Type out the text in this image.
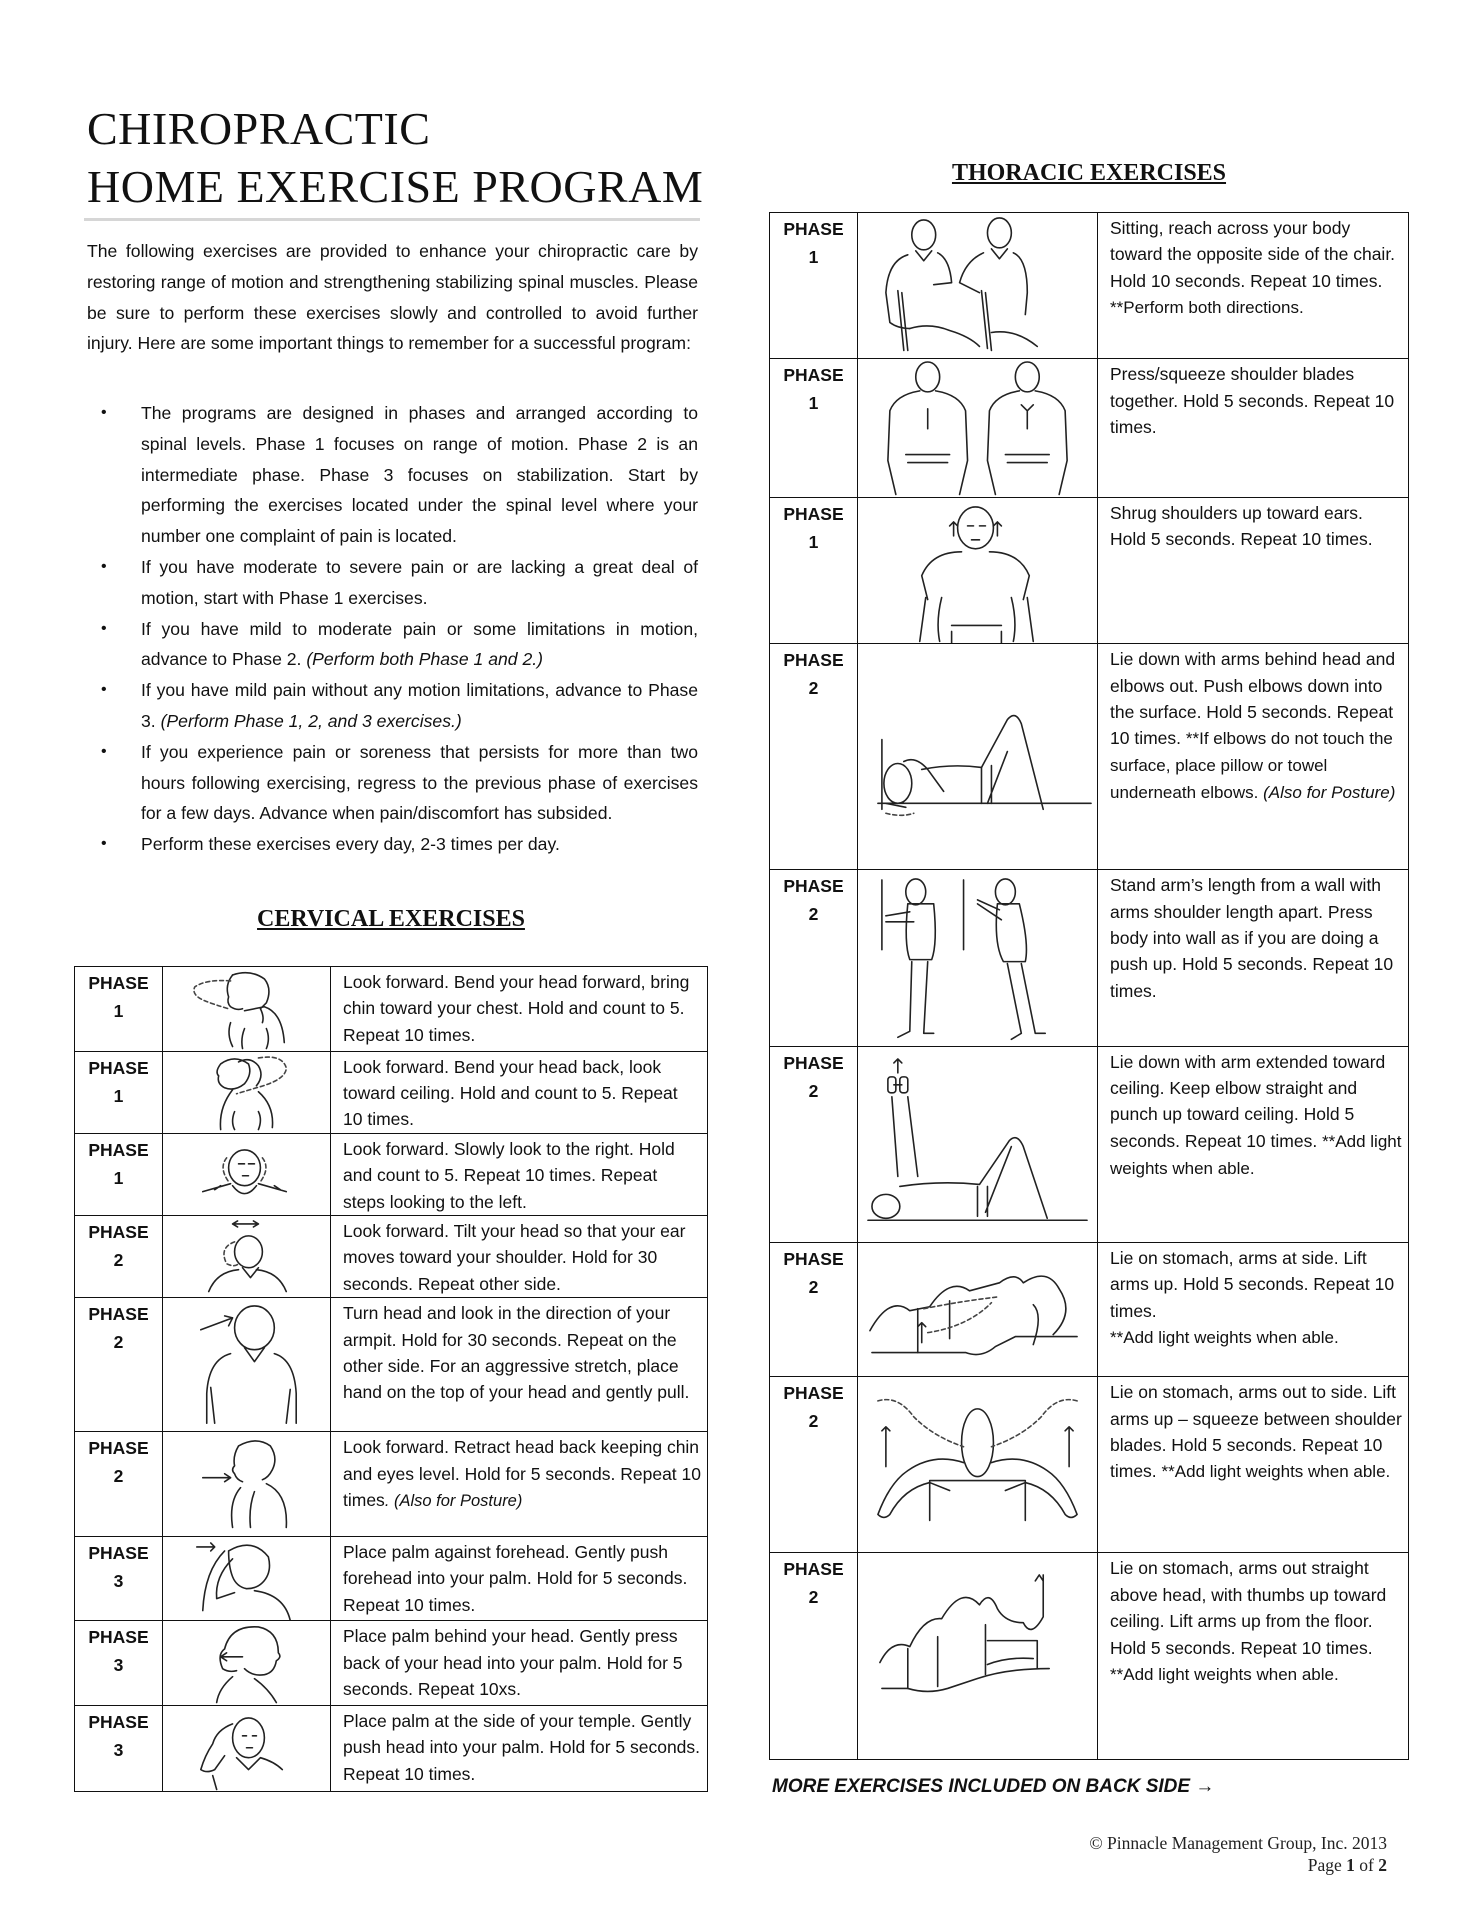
CHIROPRACTIC
HOME EXERCISE PROGRAM

The following exercises are provided to enhance your chiropractic care by restoring range of motion and strengthening stabilizing spinal muscles. Please be sure to perform these exercises slowly and controlled to avoid further injury. Here are some important things to remember for a successful program:

• The programs are designed in phases and arranged according to spinal levels. Phase 1 focuses on range of motion. Phase 2 is an intermediate phase. Phase 3 focuses on stabilization. Start by performing the exercises located under the spinal level where your number one complaint of pain is located.
• If you have moderate to severe pain or are lacking a great deal of motion, start with Phase 1 exercises.
• If you have mild to moderate pain or some limitations in motion, advance to Phase 2. (Perform both Phase 1 and 2.)
• If you have mild pain without any motion limitations, advance to Phase 3. (Perform Phase 1, 2, and 3 exercises.)
• If you experience pain or soreness that persists for more than two hours following exercising, regress to the previous phase of exercises for a few days. Advance when pain/discomfort has subsided.
• Perform these exercises every day, 2-3 times per day.
CERVICAL EXERCISES
PHASE
1		Look forward. Bend your head forward, bring chin toward your chest. Hold and count to 5. Repeat 10 times.
PHASE
1		Look forward. Bend your head back, look toward ceiling. Hold and count to 5. Repeat 10 times.
PHASE
1		Look forward. Slowly look to the right. Hold and count to 5. Repeat 10 times. Repeat steps looking to the left.
PHASE
2		Look forward. Tilt your head so that your ear moves toward your shoulder. Hold for 30 seconds. Repeat other side.
PHASE
2		Turn head and look in the direction of your armpit. Hold for 30 seconds. Repeat on the other side. For an aggressive stretch, place hand on the top of your head and gently pull.
PHASE
2		Look forward. Retract head back keeping chin and eyes level. Hold for 5 seconds. Repeat 10 times. (Also for Posture)
PHASE
3		Place palm against forehead. Gently push forehead into your palm. Hold for 5 seconds. Repeat 10 times.
PHASE
3		Place palm behind your head. Gently press back of your head into your palm. Hold for 5 seconds. Repeat 10xs.
PHASE
3		Place palm at the side of your temple. Gently push head into your palm. Hold for 5 seconds. Repeat 10 times.
THORACIC EXERCISES
PHASE
1		Sitting, reach across your body toward the opposite side of the chair. Hold 10 seconds. Repeat 10 times.
**Perform both directions.
PHASE
1		Press/squeeze shoulder blades together. Hold 5 seconds. Repeat 10 times.
PHASE
1		Shrug shoulders up toward ears. Hold 5 seconds. Repeat 10 times.
PHASE
2		Lie down with arms behind head and elbows out. Push elbows down into the surface. Hold 5 seconds. Repeat 10 times. **If elbows do not touch the surface, place pillow or towel underneath elbows. (Also for Posture)
PHASE
2		Stand arm’s length from a wall with arms shoulder length apart. Press body into wall as if you are doing a push up. Hold 5 seconds. Repeat 10 times.
PHASE
2		Lie down with arm extended toward ceiling. Keep elbow straight and punch up toward ceiling. Hold 5 seconds. Repeat 10 times. **Add light weights when able.
PHASE
2		Lie on stomach, arms at side. Lift arms up. Hold 5 seconds. Repeat 10 times.
**Add light weights when able.
PHASE
2		Lie on stomach, arms out to side. Lift arms up – squeeze between shoulder blades. Hold 5 seconds. Repeat 10 times. **Add light weights when able.
PHASE
2		Lie on stomach, arms out straight above head, with thumbs up toward ceiling. Lift arms up from the floor. Hold 5 seconds. Repeat 10 times. **Add light weights when able.
MORE EXERCISES INCLUDED ON BACK SIDE →
© Pinnacle Management Group, Inc. 2013
Page 1 of 2
